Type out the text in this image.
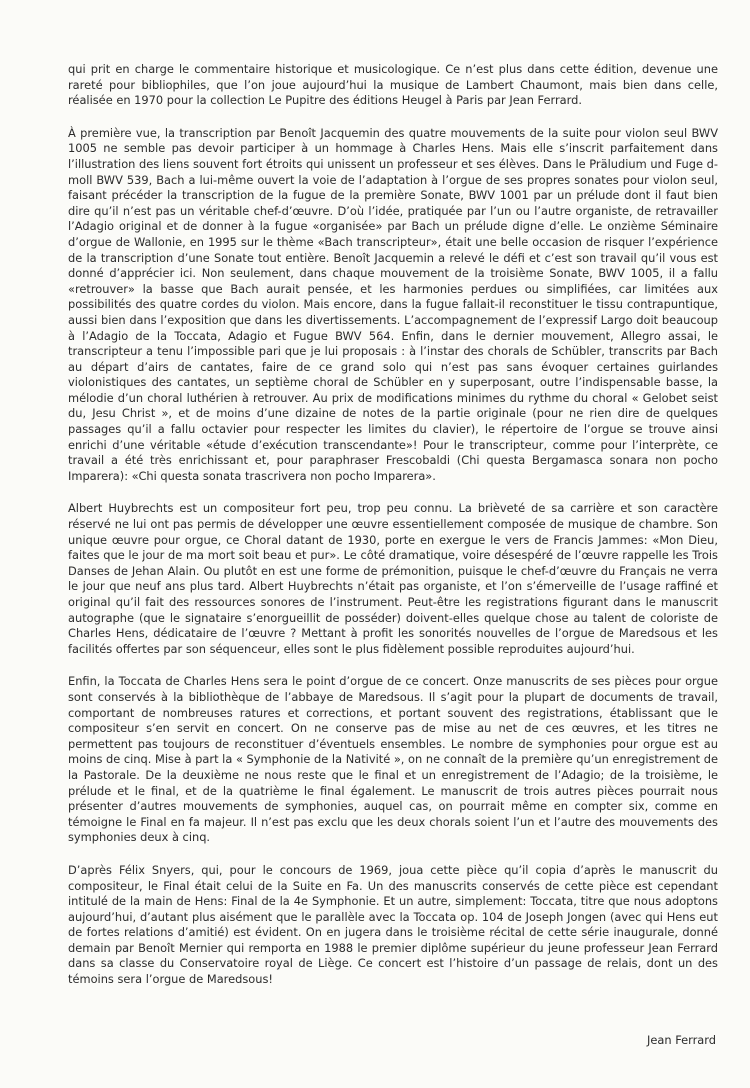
qui prit en charge le commentaire historique et musicologique. Ce n’est plus dans cette édition, devenue une rareté pour bibliophiles, que l’on joue aujourd’hui la musique de Lambert Chaumont, mais bien dans celle, réalisée en 1970 pour la collection Le Pupitre des éditions Heugel à Paris par Jean Ferrard.

À première vue, la transcription par Benoît Jacquemin des quatre mouvements de la suite pour violon seul BWV 1005 ne semble pas devoir participer à un hommage à Charles Hens. Mais elle s’inscrit parfaitement dans l’illustration des liens souvent fort étroits qui unissent un professeur et ses élèves. Dans le Präludium und Fuge d-moll BWV 539, Bach a lui-même ouvert la voie de l’adaptation à l’orgue de ses propres sonates pour violon seul, faisant précéder la transcription de la fugue de la première Sonate, BWV 1001 par un prélude dont il faut bien dire qu’il n’est pas un véritable chef-d’œuvre. D’où l’idée, pratiquée par l’un ou l’autre organiste, de retravailler l’Adagio original et de donner à la fugue «organisée» par Bach un prélude digne d’elle. Le onzième Séminaire d’orgue de Wallonie, en 1995 sur le thème «Bach transcripteur», était une belle occasion de risquer l’expérience de la transcription d’une Sonate tout entière. Benoît Jacquemin a relevé le défi et c’est son travail qu’il vous est donné d’apprécier ici. Non seulement, dans chaque mouvement de la troisième Sonate, BWV 1005, il a fallu «retrouver» la basse que Bach aurait pensée, et les harmonies perdues ou simplifiées, car limitées aux possibilités des quatre cordes du violon. Mais encore, dans la fugue fallait-il reconstituer le tissu contrapuntique, aussi bien dans l’exposition que dans les divertissements. L’accompagnement de l’expressif Largo doit beaucoup à l’Adagio de la Toccata, Adagio et Fugue BWV 564. Enfin, dans le dernier mouvement, Allegro assai, le transcripteur a tenu l’impossible pari que je lui proposais : à l’instar des chorals de Schübler, transcrits par Bach au départ d’airs de cantates, faire de ce grand solo qui n’est pas sans évoquer certaines guirlandes violonistiques des cantates, un septième choral de Schübler en y superposant, outre l’indispensable basse, la mélodie d’un choral luthérien à retrouver. Au prix de modifications minimes du rythme du choral « Gelobet seist du, Jesu Christ », et de moins d’une dizaine de notes de la partie originale (pour ne rien dire de quelques passages qu’il a fallu octavier pour respecter les limites du clavier), le répertoire de l’orgue se trouve ainsi enrichi d’une véritable «étude d’exécution transcendante»! Pour le transcripteur, comme pour l’interprète, ce travail a été très enrichissant et, pour paraphraser Frescobaldi (Chi questa Bergamasca sonara non pocho Imparera): «Chi questa sonata trascrivera non pocho Imparera».

Albert Huybrechts est un compositeur fort peu, trop peu connu. La brièveté de sa carrière et son caractère réservé ne lui ont pas permis de développer une œuvre essentiellement composée de musique de chambre. Son unique œuvre pour orgue, ce Choral datant de 1930, porte en exergue le vers de Francis Jammes: «Mon Dieu, faites que le jour de ma mort soit beau et pur». Le côté dramatique, voire désespéré de l’œuvre rappelle les Trois Danses de Jehan Alain. Ou plutôt en est une forme de prémonition, puisque le chef-d’œuvre du Français ne verra le jour que neuf ans plus tard. Albert Huybrechts n’était pas organiste, et l’on s’émerveille de l’usage raffiné et original qu’il fait des ressources sonores de l’instrument. Peut-être les registrations figurant dans le manuscrit autographe (que le signataire s’enorgueillit de posséder) doivent-elles quelque chose au talent de coloriste de Charles Hens, dédicataire de l’œuvre ? Mettant à profit les sonorités nouvelles de l’orgue de Maredsous et les facilités offertes par son séquenceur, elles sont le plus fidèlement possible reproduites aujourd’hui.

Enfin, la Toccata de Charles Hens sera le point d’orgue de ce concert. Onze manuscrits de ses pièces pour orgue sont conservés à la bibliothèque de l’abbaye de Maredsous. Il s’agit pour la plupart de documents de travail, comportant de nombreuses ratures et corrections, et portant souvent des registrations, établissant que le compositeur s’en servit en concert. On ne conserve pas de mise au net de ces œuvres, et les titres ne permettent pas toujours de reconstituer d’éventuels ensembles. Le nombre de symphonies pour orgue est au moins de cinq. Mise à part la « Symphonie de la Nativité », on ne connaît de la première qu’un enregistrement de la Pastorale. De la deuxième ne nous reste que le final et un enregistrement de l’Adagio; de la troisième, le prélude et le final, et de la quatrième le final également. Le manuscrit de trois autres pièces pourrait nous présenter d’autres mouvements de symphonies, auquel cas, on pourrait même en compter six, comme en témoigne le Final en fa majeur. Il n’est pas exclu que les deux chorals soient l’un et l’autre des mouvements des symphonies deux à cinq.

D’après Félix Snyers, qui, pour le concours de 1969, joua cette pièce qu’il copia d’après le manuscrit du compositeur, le Final était celui de la Suite en Fa. Un des manuscrits conservés de cette pièce est cependant intitulé de la main de Hens: Final de la 4e Symphonie. Et un autre, simplement: Toccata, titre que nous adoptons aujourd’hui, d’autant plus aisément que le parallèle avec la Toccata op. 104 de Joseph Jongen (avec qui Hens eut de fortes relations d’amitié) est évident. On en jugera dans le troisième récital de cette série inaugurale, donné demain par Benoît Mernier qui remporta en 1988 le premier diplôme supérieur du jeune professeur Jean Ferrard dans sa classe du Conservatoire royal de Liège. Ce concert est l’histoire d’un passage de relais, dont un des témoins sera l’orgue de Maredsous!

Jean Ferrard
